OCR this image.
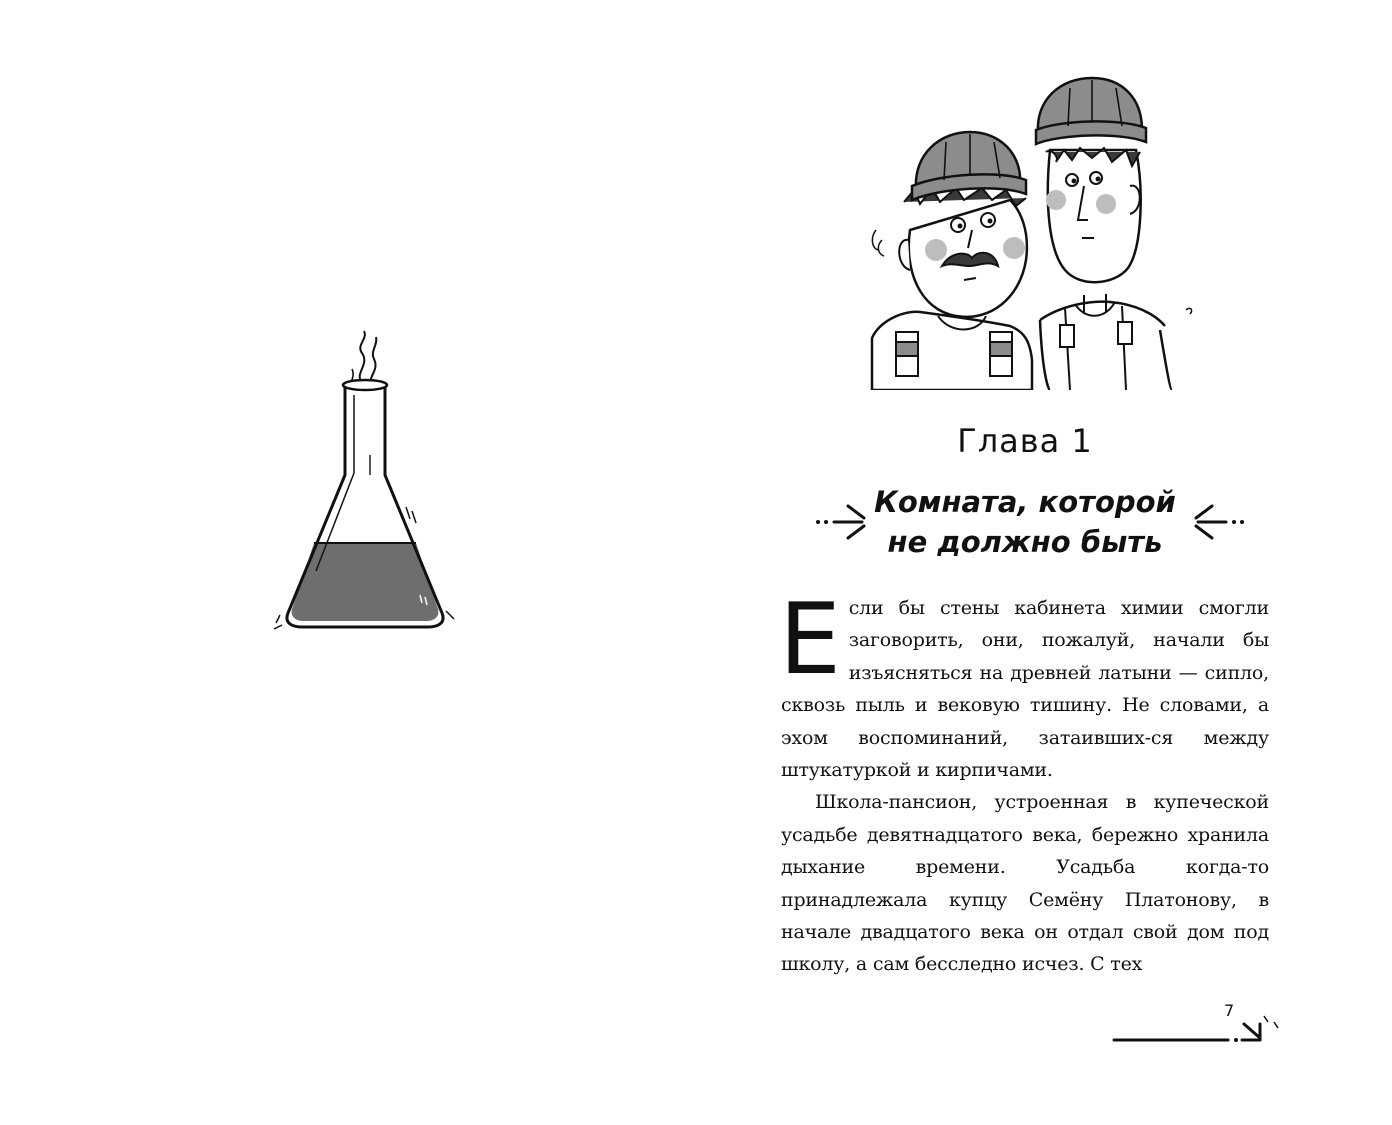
Глава 1
Комната, которой
не должно быть

Если бы стены кабинета химии смогли заговорить, они, пожалуй, начали бы изъясняться на древней латыни — сипло, сквозь пыль и вековую тишину. Не словами, а эхом воспоминаний, затаивших-ся между штукатуркой и кирпичами.

Школа-пансион, устроенная в купеческой усадьбе девятнадцатого века, бережно хранила дыхание времени. Усадьба когда-то принадлежала купцу Семёну Платонову, в начале двадцатого века он отдал свой дом под школу, а сам бесследно исчез. С тех

7
